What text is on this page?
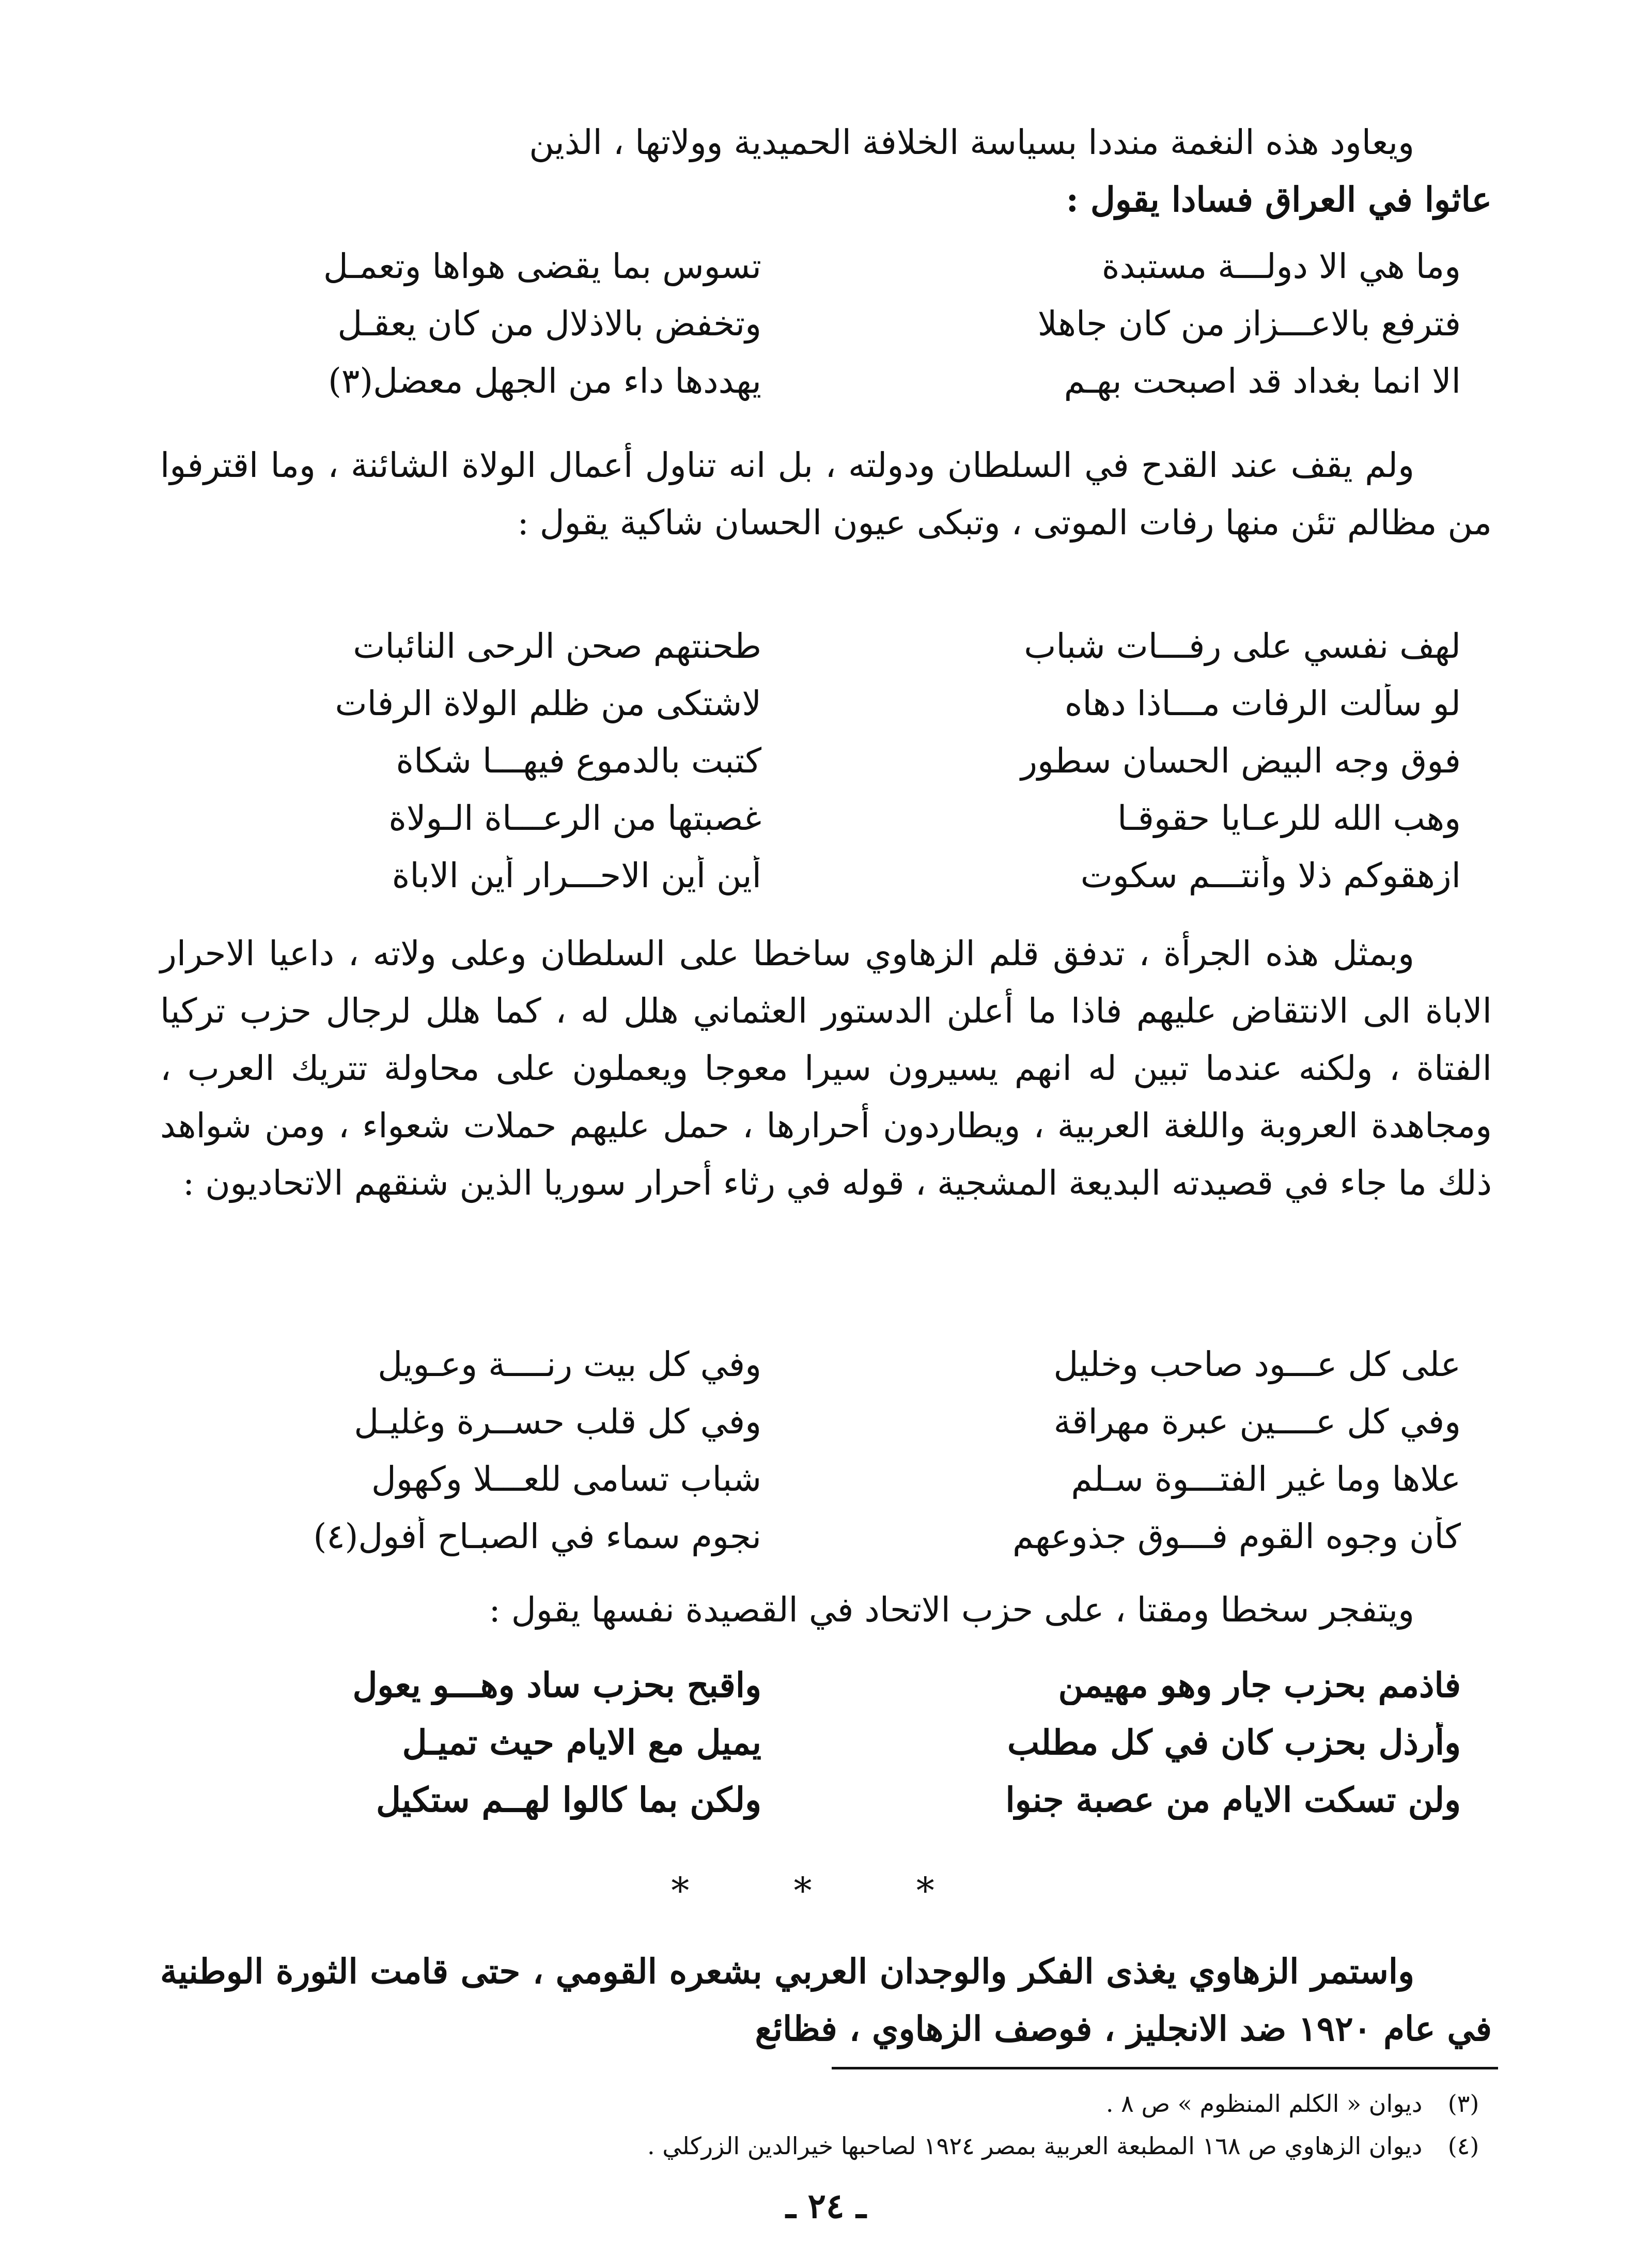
ويعاود هذه النغمة منددا بسياسة الخلافة الحميدية وولاتها ، الذين

عاثوا في العراق فسادا يقول :

وما هي الا دولـــة مستبدة
تسوس بما يقضى هواها وتعمـل
فترفع بالاعـــزاز من كان جاهلا
وتخفض بالاذلال من كان يعقـل
الا انما بغداد قد اصبحت بهـم
يهددها داء من الجهل معضل(٣)

ولم يقف عند القدح في السلطان ودولته ، بل انه تناول أعمال الولاة الشائنة ، وما اقترفوا من مظالم تئن منها رفات الموتى ، وتبكى عيون الحسان شاكية يقول :

لهف نفسي على رفـــات شباب
طحنتهم صحن الرحى النائبات
لو سألت الرفات مـــاذا دهاه
لاشتكى من ظلم الولاة الرفات
فوق وجه البيض الحسان سطور
كتبت بالدموع فيهـــا شكاة
وهب الله للرعـايا حقوقـا
غصبتها من الرعـــاة الـولاة
ازهقوكم ذلا وأنتـــم سكوت
أين أين الاحـــرار أين الاباة

وبمثل هذه الجرأة ، تدفق قلم الزهاوي ساخطا على السلطان وعلى ولاته ، داعيا الاحرار الاباة الى الانتقاض عليهم فاذا ما أعلن الدستور العثماني هلل له ، كما هلل لرجال حزب تركيا الفتاة ، ولكنه عندما تبين له انهم يسيرون سيرا معوجا ويعملون على محاولة تتريك العرب ، ومجاهدة العروبة واللغة العربية ، ويطاردون أحرارها ، حمل عليهم حملات شعواء ، ومن شواهد ذلك ما جاء في قصيدته البديعة المشجية ، قوله في رثاء أحرار سوريا الذين شنقهم الاتحاديون :

على كل عـــود صاحب وخليل
وفي كل بيت رنــــة وعـويل
وفي كل عــــين عبرة مهراقة
وفي كل قلب حســرة وغليـل
علاها وما غير الفتـــوة سـلم
شباب تسامى للعـــلا وكهول
كأن وجوه القوم فـــوق جذوعهم
نجوم سماء في الصبـاح أفول(٤)

ويتفجر سخطا ومقتا ، على حزب الاتحاد في القصيدة نفسها يقول :

فاذمم بحزب جار وهو مهيمن
واقبح بحزب ساد وهـــو يعول
وأرذل بحزب كان في كل مطلب
يميل مع الايام حيث تميـل
ولن تسكت الايام من عصبة جنوا
ولكن بما كالوا لهــم ستكيل
* * *

واستمر الزهاوي يغذى الفكر والوجدان العربي بشعره القومي ، حتى قامت الثورة الوطنية في عام ١٩٢٠ ضد الانجليز ، فوصف الزهاوي ، فظائع

(٣) ديوان « الكلم المنظوم » ص ٨ .
(٤) ديوان الزهاوي ص ١٦٨ المطبعة العربية بمصر ١٩٢٤ لصاحبها خيرالدين الزركلي .
ـ ٢٤ ـ
